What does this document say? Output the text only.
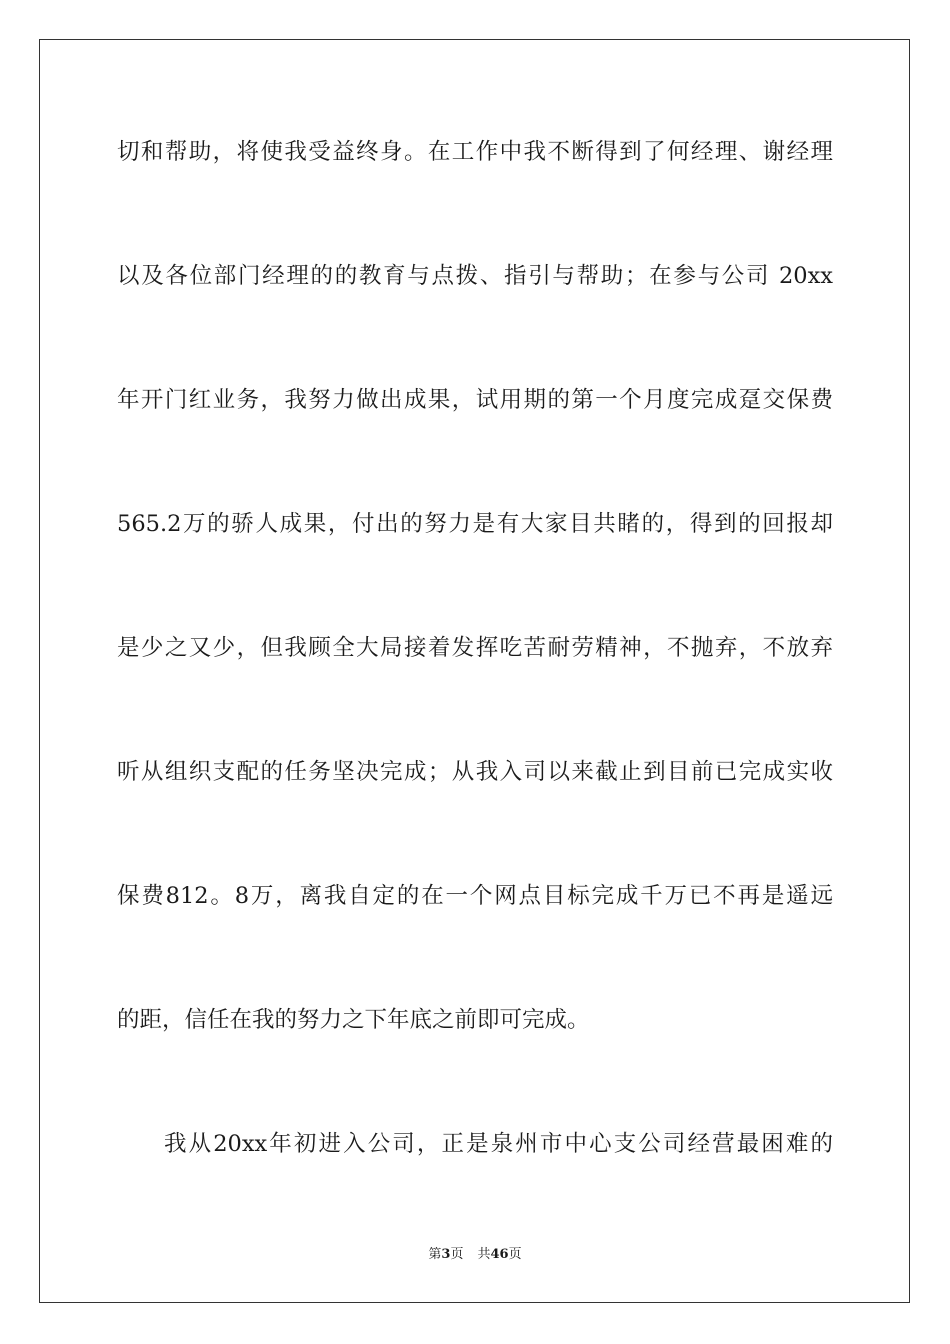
切和帮助，将使我受益终身。在工作中我不断得到了何经理、谢经理
以及各位部门经理的的教育与点拨、指引与帮助；在参与公司 20xx
年开门红业务，我努力做出成果，试用期的第一个月度完成趸交保费
565.2万的骄人成果，付出的努力是有大家目共睹的，得到的回报却
是少之又少，但我顾全大局接着发挥吃苦耐劳精神，不抛弃，不放弃
听从组织支配的任务坚决完成；从我入司以来截止到目前已完成实收
保费812。8万，离我自定的在一个网点目标完成千万已不再是遥远
的距，信任在我的努力之下年底之前即可完成。
我从20xx年初进入公司，正是泉州市中心支公司经营最困难的
第3页 共46页
